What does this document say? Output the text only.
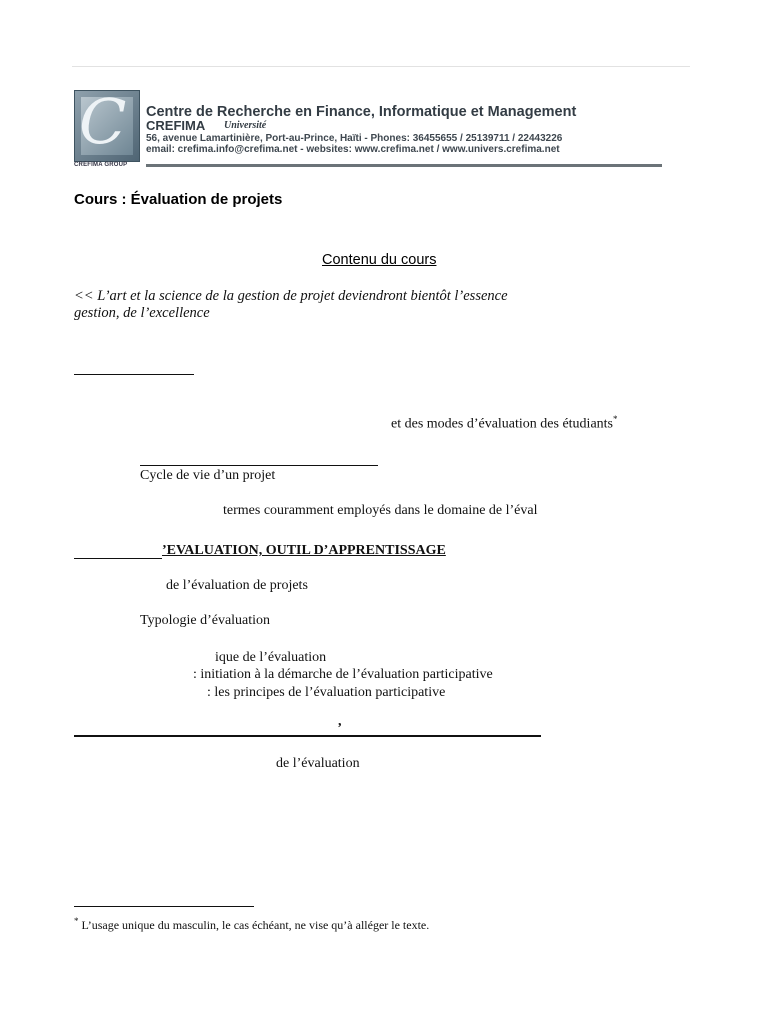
C
CREFIMA GROUP
Centre de Recherche en Finance, Informatique et Management
CREFIMA Université
56, avenue Lamartinière, Port-au-Prince, Haïti - Phones: 36455655 / 25139711 / 22443226
email: crefima.info@crefima.net - websites: www.crefima.net / www.univers.crefima.net
Cours : Évaluation de projets
Contenu du cours
<< L’art et la science de la gestion de projet deviendront bientôt l’essence
gestion, de l’excellence
et des modes d’évaluation des étudiants*
Cycle de vie d’un projet
termes couramment employés dans le domaine de l’éval
’EVALUATION, OUTIL D’APPRENTISSAGE
de l’évaluation de projets
Typologie d’évaluation
ique de l’évaluation
: initiation à la démarche de l’évaluation participative
: les principes de l’évaluation participative
,
de l’évaluation
* L’usage unique du masculin, le cas échéant, ne vise qu’à alléger le texte.
